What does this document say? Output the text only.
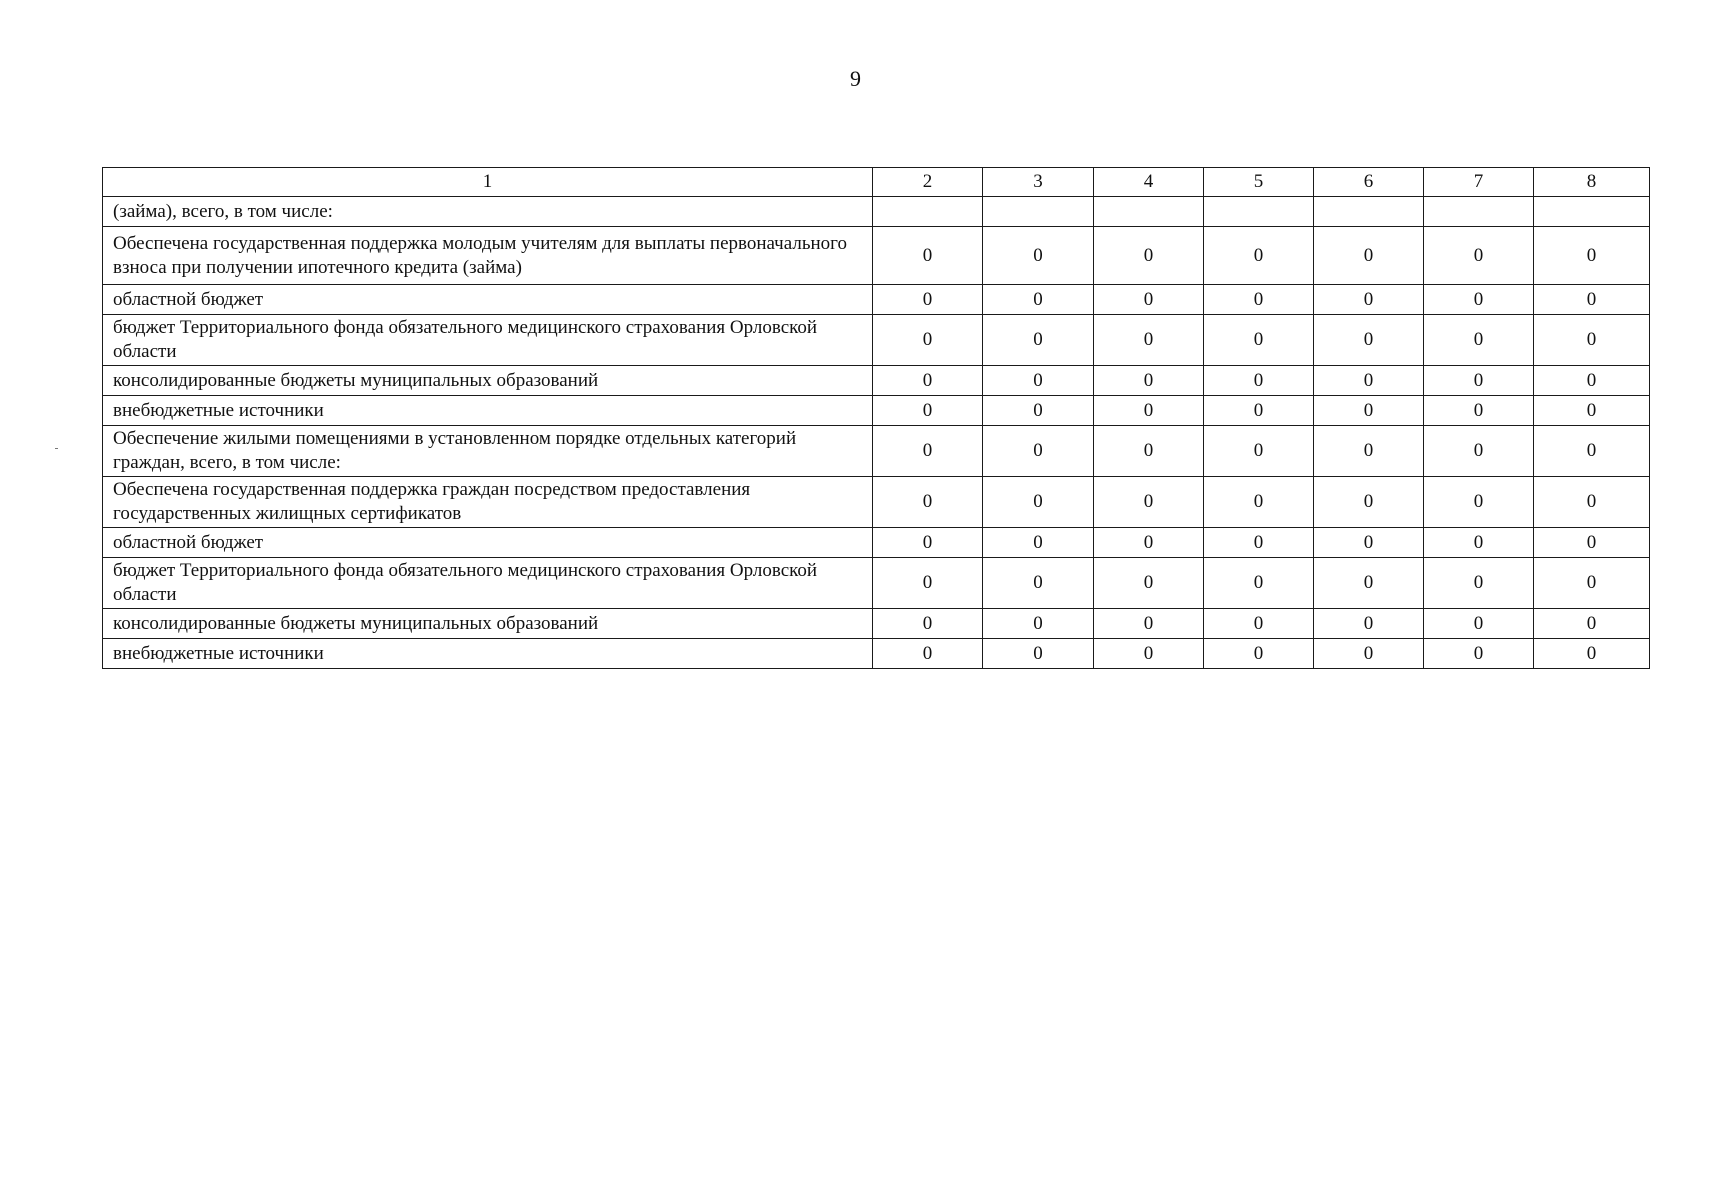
9
1	2	3	4	5	6	7	8
(займа), всего, в том числе:							
Обеспечена государственная поддержка молодым учителям для выплаты первоначального взноса при получении ипотечного кредита (займа)	0	0	0	0	0	0	0
областной бюджет	0	0	0	0	0	0	0
бюджет Территориального фонда обязательного медицинского страхования Орловской области	0	0	0	0	0	0	0
консолидированные бюджеты муниципальных образований	0	0	0	0	0	0	0
внебюджетные источники	0	0	0	0	0	0	0
Обеспечение жилыми помещениями в установленном порядке отдельных категорий граждан, всего, в том числе:	0	0	0	0	0	0	0
Обеспечена государственная поддержка граждан посредством предоставления государственных жилищных сертификатов	0	0	0	0	0	0	0
областной бюджет	0	0	0	0	0	0	0
бюджет Территориального фонда обязательного медицинского страхования Орловской области	0	0	0	0	0	0	0
консолидированные бюджеты муниципальных образований	0	0	0	0	0	0	0
внебюджетные источники	0	0	0	0	0	0	0
